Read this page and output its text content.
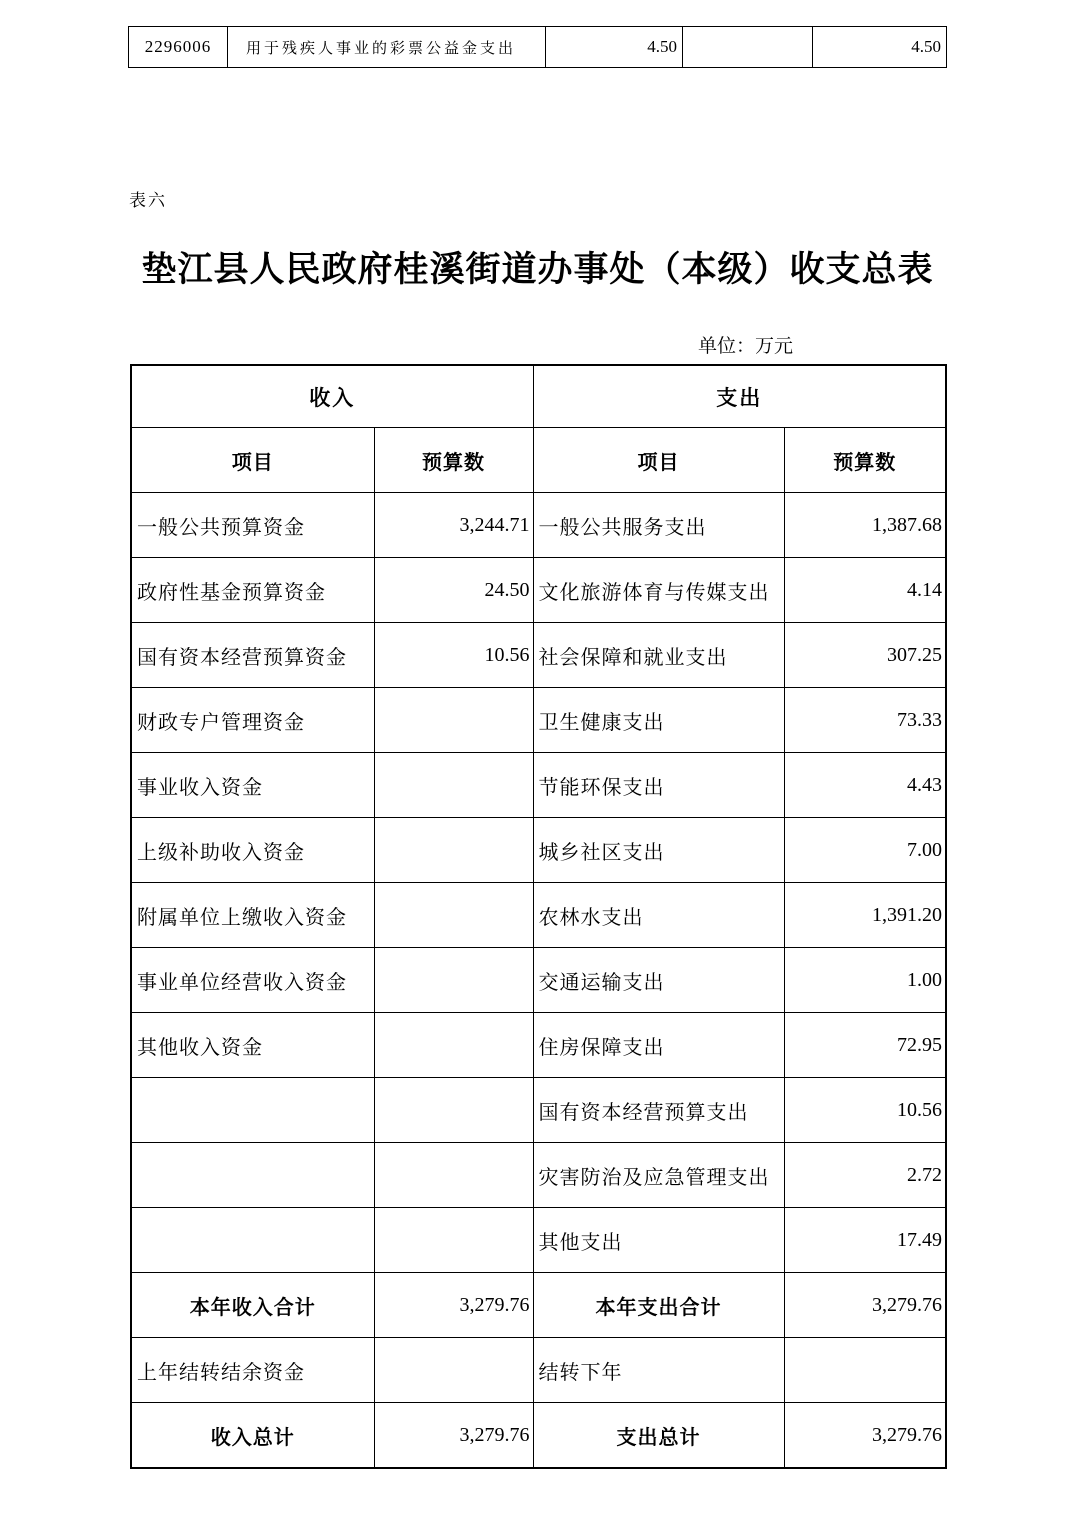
2296006	用于残疾人事业的彩票公益金支出	4.50		4.50
表六
垫江县人民政府桂溪街道办事处（本级）收支总表
单位：万元
收入		支出	
项目	预算数	项目	预算数
一般公共预算资金	3,244.71	一般公共服务支出	1,387.68
政府性基金预算资金	24.50	文化旅游体育与传媒支出	4.14
国有资本经营预算资金	10.56	社会保障和就业支出	307.25
财政专户管理资金		卫生健康支出	73.33
事业收入资金		节能环保支出	4.43
上级补助收入资金		城乡社区支出	7.00
附属单位上缴收入资金		农林水支出	1,391.20
事业单位经营收入资金		交通运输支出	1.00
其他收入资金		住房保障支出	72.95
		国有资本经营预算支出	10.56
		灾害防治及应急管理支出	2.72
		其他支出	17.49
本年收入合计	3,279.76	本年支出合计	3,279.76
上年结转结余资金		结转下年	
收入总计	3,279.76	支出总计	3,279.76
